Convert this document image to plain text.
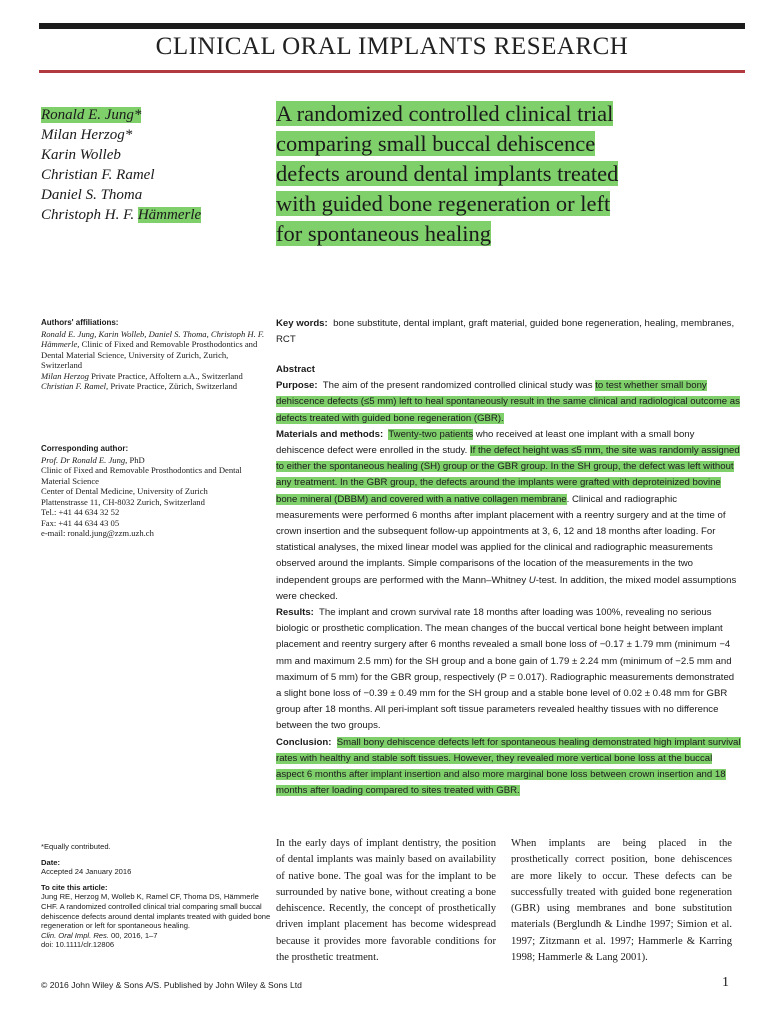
CLINICAL ORAL IMPLANTS RESEARCH
Ronald E. Jung*
Milan Herzog*
Karin Wolleb
Christian F. Ramel
Daniel S. Thoma
Christoph H. F. Hämmerle
A randomized controlled clinical trial
comparing small buccal dehiscence
defects around dental implants treated
with guided bone regeneration or left
for spontaneous healing
Authors' affiliations:
Ronald E. Jung, Karin Wolleb, Daniel S. Thoma, Christoph H. F. Hämmerle, Clinic of Fixed and Removable Prosthodontics and Dental Material Science, University of Zurich, Zurich, Switzerland
Milan Herzog Private Practice, Affoltern a.A., Switzerland
Christian F. Ramel, Private Practice, Zürich, Switzerland
Corresponding author:
Prof. Dr Ronald E. Jung, PhD
Clinic of Fixed and Removable Prosthodontics and Dental Material Science
Center of Dental Medicine, University of Zurich
Plattenstrasse 11, CH-8032 Zurich, Switzerland
Tel.: +41 44 634 32 52
Fax: +41 44 634 43 05
e-mail: ronald.jung@zzm.uzh.ch
Key words: bone substitute, dental implant, graft material, guided bone regeneration, healing, membranes, RCT

Abstract

Purpose: The aim of the present randomized controlled clinical study was to test whether small bony dehiscence defects (≤5 mm) left to heal spontaneously result in the same clinical and radiological outcome as defects treated with guided bone regeneration (GBR).

Materials and methods: Twenty-two patients who received at least one implant with a small bony dehiscence defect were enrolled in the study. If the defect height was ≤5 mm, the site was randomly assigned to either the spontaneous healing (SH) group or the GBR group. In the SH group, the defect was left without any treatment. In the GBR group, the defects around the implants were grafted with deproteinized bovine bone mineral (DBBM) and covered with a native collagen membrane. Clinical and radiographic measurements were performed 6 months after implant placement with a reentry surgery and at the time of crown insertion and the subsequent follow-up appointments at 3, 6, 12 and 18 months after loading. For statistical analyses, the mixed linear model was applied for the clinical and radiographic measurements observed around the implants. Simple comparisons of the location of the measurements in the two independent groups are performed with the Mann–Whitney U-test. In addition, the mixed model assumptions were checked.

Results: The implant and crown survival rate 18 months after loading was 100%, revealing no serious biologic or prosthetic complication. The mean changes of the buccal vertical bone height between implant placement and reentry surgery after 6 months revealed a small bone loss of −0.17 ± 1.79 mm (minimum −4 mm and maximum 2.5 mm) for the SH group and a bone gain of 1.79 ± 2.24 mm (minimum of −2.5 mm and maximum of 5 mm) for the GBR group, respectively (P = 0.017). Radiographic measurements demonstrated a slight bone loss of −0.39 ± 0.49 mm for the SH group and a stable bone level of 0.02 ± 0.48 mm for GBR group after 18 months. All peri-implant soft tissue parameters revealed healthy tissues with no difference between the two groups.

Conclusion: Small bony dehiscence defects left for spontaneous healing demonstrated high implant survival rates with healthy and stable soft tissues. However, they revealed more vertical bone loss at the buccal aspect 6 months after implant insertion and also more marginal bone loss between crown insertion and 18 months after loading compared to sites treated with GBR.

*Equally contributed.
Date:
Accepted 24 January 2016
To cite this article:
Jung RE, Herzog M, Wolleb K, Ramel CF, Thoma DS, Hämmerle CHF. A randomized controlled clinical trial comparing small buccal dehiscence defects around dental implants treated with guided bone regeneration or left for spontaneous healing.
Clin. Oral Impl. Res. 00, 2016, 1–7
doi: 10.1111/clr.12806
In the early days of implant dentistry, the position of dental implants was mainly based on availability of native bone. The goal was for the implant to be surrounded by native bone, without creating a bone dehiscence. Recently, the concept of prosthetically driven implant placement has become widespread because it provides more favorable conditions for the prosthetic treatment.
When implants are being placed in the prosthetically correct position, bone dehiscences are more likely to occur. These defects can be successfully treated with guided bone regeneration (GBR) using membranes and bone substitution materials (Berglundh & Lindhe 1997; Simion et al. 1997; Zitzmann et al. 1997; Hammerle & Karring 1998; Hammerle & Lang 2001).
© 2016 John Wiley & Sons A/S. Published by John Wiley & Sons Ltd	1
